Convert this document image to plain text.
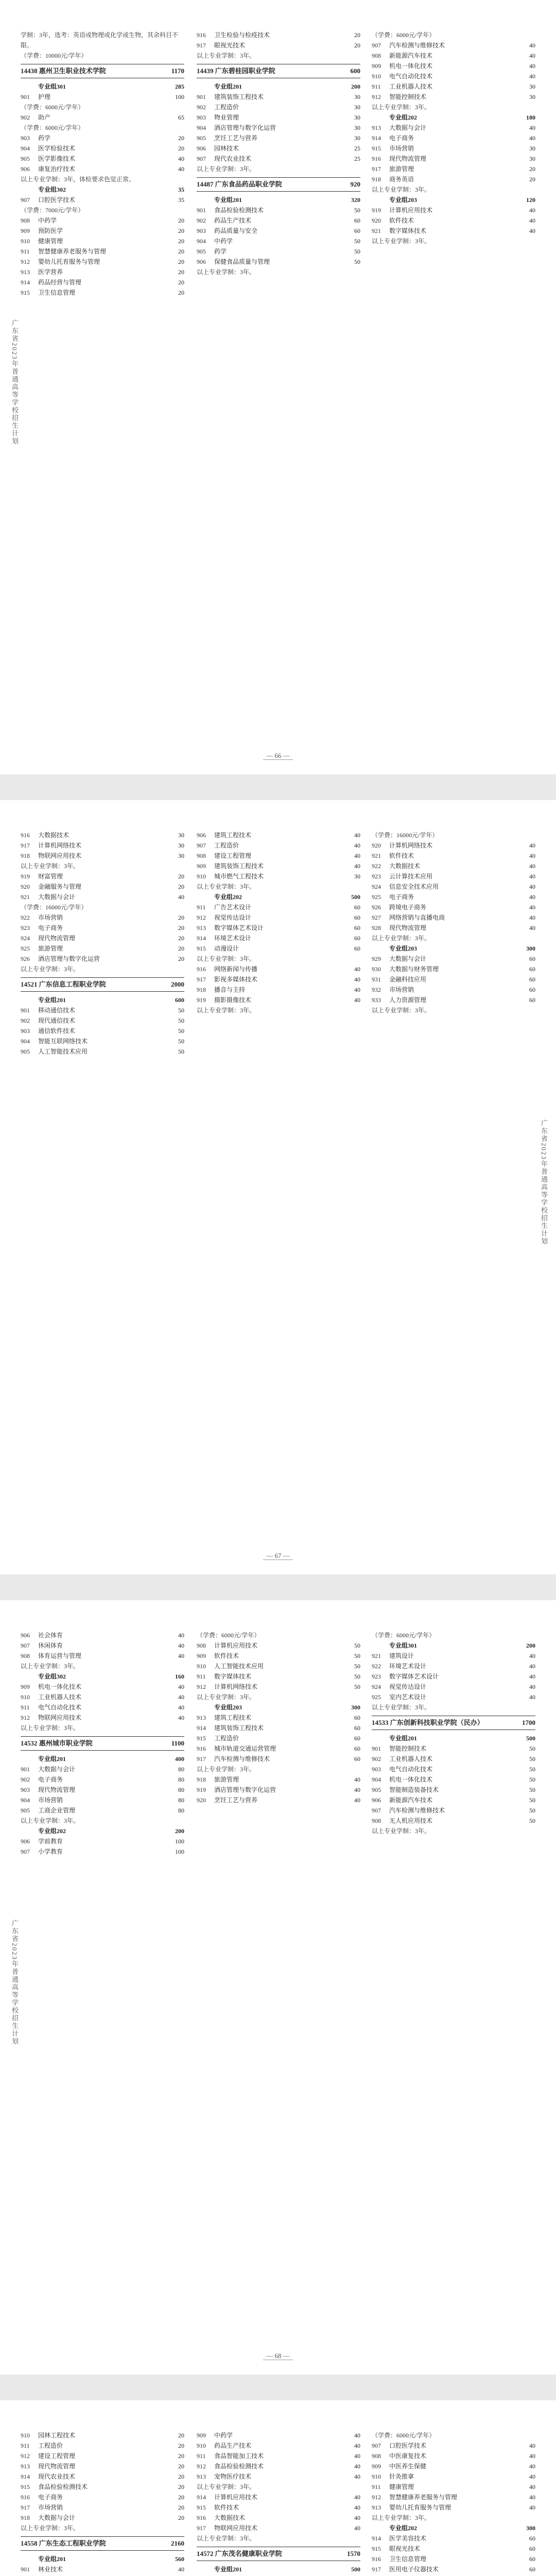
广东省2023年普通高等学校招生计划
学制：3年，选考：英语或物理或化学或生物，其余科目不限。
（学费：10000元/学年）
14438 惠州卫生职业技术学院	1170
专业组301	285
901	护理	100
（学费：6000元/学年）
902	助产	65
（学费：6000元/学年）
903	药学	20
904	医学检验技术	20
905	医学影像技术	40
906	康复治疗技术	40
以上专业学制：3年，体检要求色觉正常。
专业组302	35
907	口腔医学技术	35
（学费：7000元/学年）
908	中药学	20
909	预防医学	20
910	健康管理	20
911	智慧健康养老服务与管理	20
912	婴幼儿托育服务与管理	20
913	医学营养	20
914	药品经营与管理	20
915	卫生信息管理	20
916	卫生检验与检疫技术	20
917	眼视光技术	20
以上专业学制：3年。
14439 广东碧桂园职业学院	600
专业组201	200
901	建筑装饰工程技术	30
902	工程造价	30
903	物业管理	30
904	酒店管理与数字化运营	30
905	烹饪工艺与营养	30
906	园林技术	25
907	现代农业技术	25
以上专业学制：3年。
14487 广东食品药品职业学院	920
专业组201	320
901	食品检验检测技术	50
902	药品生产技术	60
903	药品质量与安全	60
904	中药学	50
905	药学	50
906	保健食品质量与管理	50
以上专业学制：3年。
（学费：6000元/学年）
907	汽车检测与维修技术	40
908	新能源汽车技术	40
909	机电一体化技术	40
910	电气自动化技术	40
911	工业机器人技术	30
912	智能控制技术	30
以上专业学制：3年。
专业组202	180
913	大数据与会计	40
914	电子商务	40
915	市场营销	30
916	现代物流管理	30
917	旅游管理	20
918	商务英语	20
以上专业学制：3年。
专业组203	120
919	计算机应用技术	40
920	软件技术	40
921	数字媒体技术	40
以上专业学制：3年。
— 66 —
广东省2023年普通高等学校招生计划
916	大数据技术	30
917	计算机网络技术	30
918	物联网应用技术	30
以上专业学制：3年。
919	财富管理	20
920	金融服务与管理	20
921	大数据与会计	40
（学费：16000元/学年）
922	市场营销	20
923	电子商务	20
924	现代物流管理	20
925	旅游管理	20
926	酒店管理与数字化运营	20
以上专业学制：3年。
14521 广东信息工程职业学院	2000
专业组201	600
901	移动通信技术	50
902	现代通信技术	50
903	通信软件技术	50
904	智能互联网络技术	50
905	人工智能技术应用	50
906	建筑工程技术	40
907	工程造价	40
908	建设工程管理	40
909	建筑装饰工程技术	40
910	城市燃气工程技术	30
以上专业学制：3年。
专业组202	500
911	广告艺术设计	60
912	视觉传达设计	60
913	数字媒体艺术设计	60
914	环境艺术设计	60
915	动漫设计	60
以上专业学制：3年。
916	网络新闻与传播	40
917	影视多媒体技术	40
918	播音与主持	40
919	摄影摄像技术	40
以上专业学制：3年。
（学费：16000元/学年）
920	计算机网络技术	40
921	软件技术	40
922	大数据技术	40
923	云计算技术应用	40
924	信息安全技术应用	40
925	电子商务	40
926	跨境电子商务	40
927	网络营销与直播电商	40
928	现代物流管理	40
以上专业学制：3年。
专业组203	300
929	大数据与会计	60
930	大数据与财务管理	60
931	金融科技应用	60
932	市场营销	60
933	人力资源管理	60
以上专业学制：3年。
— 67 —
广东省2023年普通高等学校招生计划
906	社会体育	40
907	休闲体育	40
908	体育运营与管理	40
以上专业学制：3年。
专业组302	160
909	机电一体化技术	40
910	工业机器人技术	40
911	电气自动化技术	40
912	物联网应用技术	40
以上专业学制：3年。
14532 惠州城市职业学院	1100
专业组201	400
901	大数据与会计	80
902	电子商务	80
903	现代物流管理	80
904	市场营销	80
905	工商企业管理	80
以上专业学制：3年。
专业组202	200
906	学前教育	100
907	小学教育	100
（学费：6000元/学年）
908	计算机应用技术	50
909	软件技术	50
910	人工智能技术应用	50
911	数字媒体技术	50
912	计算机网络技术	50
以上专业学制：3年。
专业组203	300
913	建筑工程技术	60
914	建筑装饰工程技术	60
915	工程造价	60
916	城市轨道交通运营管理	60
917	汽车检测与维修技术	60
以上专业学制：3年。
918	旅游管理	40
919	酒店管理与数字化运营	40
920	烹饪工艺与营养	40
（学费：6000元/学年）
专业组301	200
921	建筑设计	40
922	环境艺术设计	40
923	数字媒体艺术设计	40
924	视觉传达设计	40
925	室内艺术设计	40
以上专业学制：3年。
14533 广东创新科技职业学院（民办）	1700
专业组201	500
901	智能控制技术	50
902	工业机器人技术	50
903	电气自动化技术	50
904	机电一体化技术	50
905	智能制造装备技术	50
906	新能源汽车技术	50
907	汽车检测与维修技术	50
908	无人机应用技术	50
以上专业学制：3年。
— 68 —
910	园林工程技术	20
911	工程造价	20
912	建设工程管理	20
913	现代物流管理	20
914	现代农业技术	20
915	食品检验检测技术	20
916	电子商务	20
917	市场营销	20
918	大数据与会计	20
以上专业学制：3年。
14558 广东生态工程职业学院	2160
专业组201	560
901	林业技术	40
909	中药学	40
910	药品生产技术	40
911	食品智能加工技术	40
912	食品检验检测技术	40
913	宠物医疗技术	40
以上专业学制：3年。
914	计算机应用技术	40
915	软件技术	40
916	大数据技术	40
917	物联网应用技术	40
以上专业学制：3年。
14572 广东茂名健康职业学院	1570
专业组201	500
（学费：6000元/学年）
907	口腔医学技术	40
908	中医康复技术	40
909	中医养生保健	40
910	针灸推拿	40
911	健康管理	40
912	智慧健康养老服务与管理	40
913	婴幼儿托育服务与管理	40
以上专业学制：3年。
专业组202	300
914	医学美容技术	60
915	眼视光技术	60
916	卫生信息管理	60
917	医用电子仪器技术	60
